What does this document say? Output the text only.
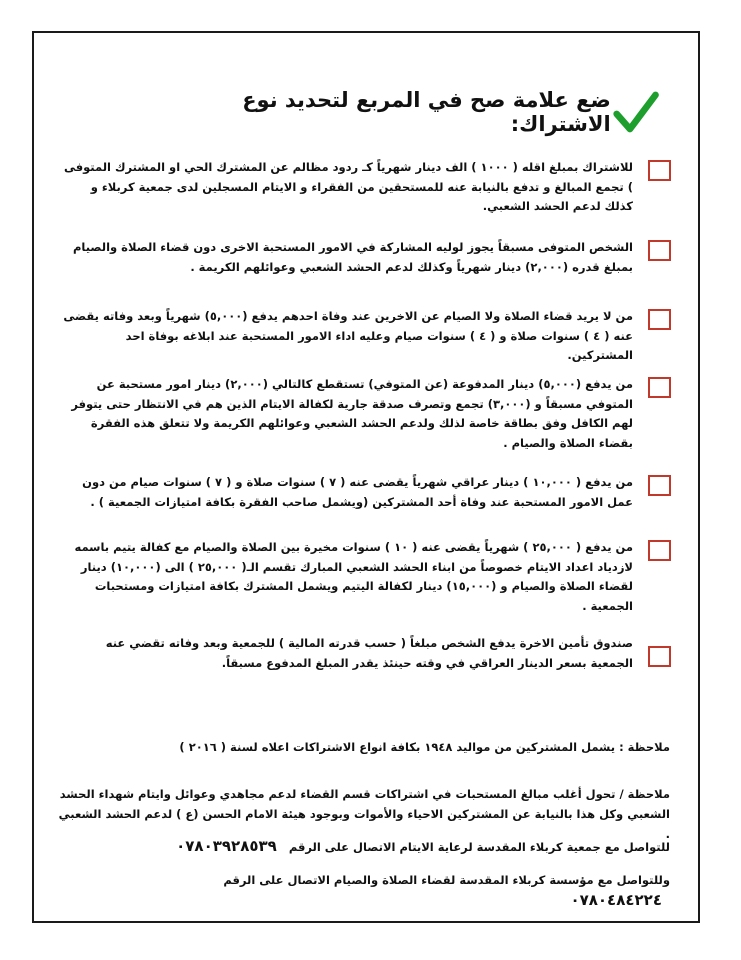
ضع علامة صح في المربع لتحديد نوع الاشتراك:
للاشتراك بمبلغ اقله ( ١٠٠٠ ) الف دينار شهرياً كـ ردود مظالم عن المشترك الحي او المشترك المتوفى ) تجمع المبالغ و تدفع بالنيابة عنه للمستحقين من الفقراء و الايتام المسجلين لدى جمعية كربلاء و كذلك لدعم الحشد الشعبي.
الشخص المتوفى مسبقاً يجوز لوليه المشاركة في الامور المستحبة الاخرى دون قضاء الصلاة والصيام بمبلغ قدره (٢,٠٠٠) دينار شهرياً وكذلك لدعم الحشد الشعبي وعوائلهم الكريمة .
من لا يريد قضاء الصلاة ولا الصيام عن الاخرين عند وفاة احدهم يدفع (٥,٠٠٠) شهرياً وبعد وفاته يقضى عنه ( ٤ ) سنوات صلاة و ( ٤ ) سنوات صيام وعليه اداء الامور المستحبة عند ابلاغه بوفاة احد المشتركين.
من يدفع (٥,٠٠٠) دينار المدفوعة (عن المتوفي) تستقطع كالتالي (٢,٠٠٠) دينار امور مستحبة عن المتوفي مسبقاً و (٣,٠٠٠) تجمع وتصرف صدقة جارية لكفالة الايتام الذين هم في الانتظار حتى يتوفر لهم الكافل وفق بطاقة خاصة لذلك ولدعم الحشد الشعبي وعوائلهم الكريمة ولا تتعلق هذه الفقرة بقضاء الصلاة والصيام .
من يدفع ( ١٠,٠٠٠ ) دينار عراقي شهرياً يقضى عنه ( ٧ ) سنوات صلاة و ( ٧ ) سنوات صيام من دون عمل الامور المستحبة عند وفاة أحد المشتركين (ويشمل صاحب الفقرة بكافة امتيازات الجمعية ) .
من يدفع ( ٢٥,٠٠٠ ) شهرياً يقضى عنه ( ١٠ ) سنوات مخيرة بين الصلاة والصيام مع كفالة يتيم باسمه لازدياد اعداد الايتام خصوصاً من ابناء الحشد الشعبي المبارك تقسم الـ( ٢٥,٠٠٠ ) الى (١٠,٠٠٠) دينار لقضاء الصلاة والصيام و (١٥,٠٠٠) دينار لكفالة اليتيم ويشمل المشترك بكافة امتيازات ومستحبات الجمعية .
صندوق تأمين الاخرة يدفع الشخص مبلغاً ( حسب قدرته المالية ) للجمعية وبعد وفاته تقضي عنه الجمعية بسعر الدينار العراقي في وقته حينئذ يقدر المبلغ المدفوع مسبقاً.
ملاحظة : يشمل المشتركين من مواليد ١٩٤٨ بكافة انواع الاشتراكات اعلاه لسنة ( ٢٠١٦ )
ملاحظة / تحول أغلب مبالغ المستحبات في اشتراكات قسم القضاء لدعم مجاهدي وعوائل وايتام شهداء الحشد الشعبي وكل هذا بالنيابة عن المشتركين الاحياء والأموات وبوجود هيئة الامام الحسن (ع ) لدعم الحشد الشعبي .
للتواصل مع جمعية كربلاء المقدسة لرعاية الايتام الاتصال على الرقم ٠٧٨٠٣٩٢٨٥٣٩
وللتواصل مع مؤسسة كربلاء المقدسة لقضاء الصلاة والصيام الاتصال على الرقم ٠٧٨٠٤٨٤٢٢٤
